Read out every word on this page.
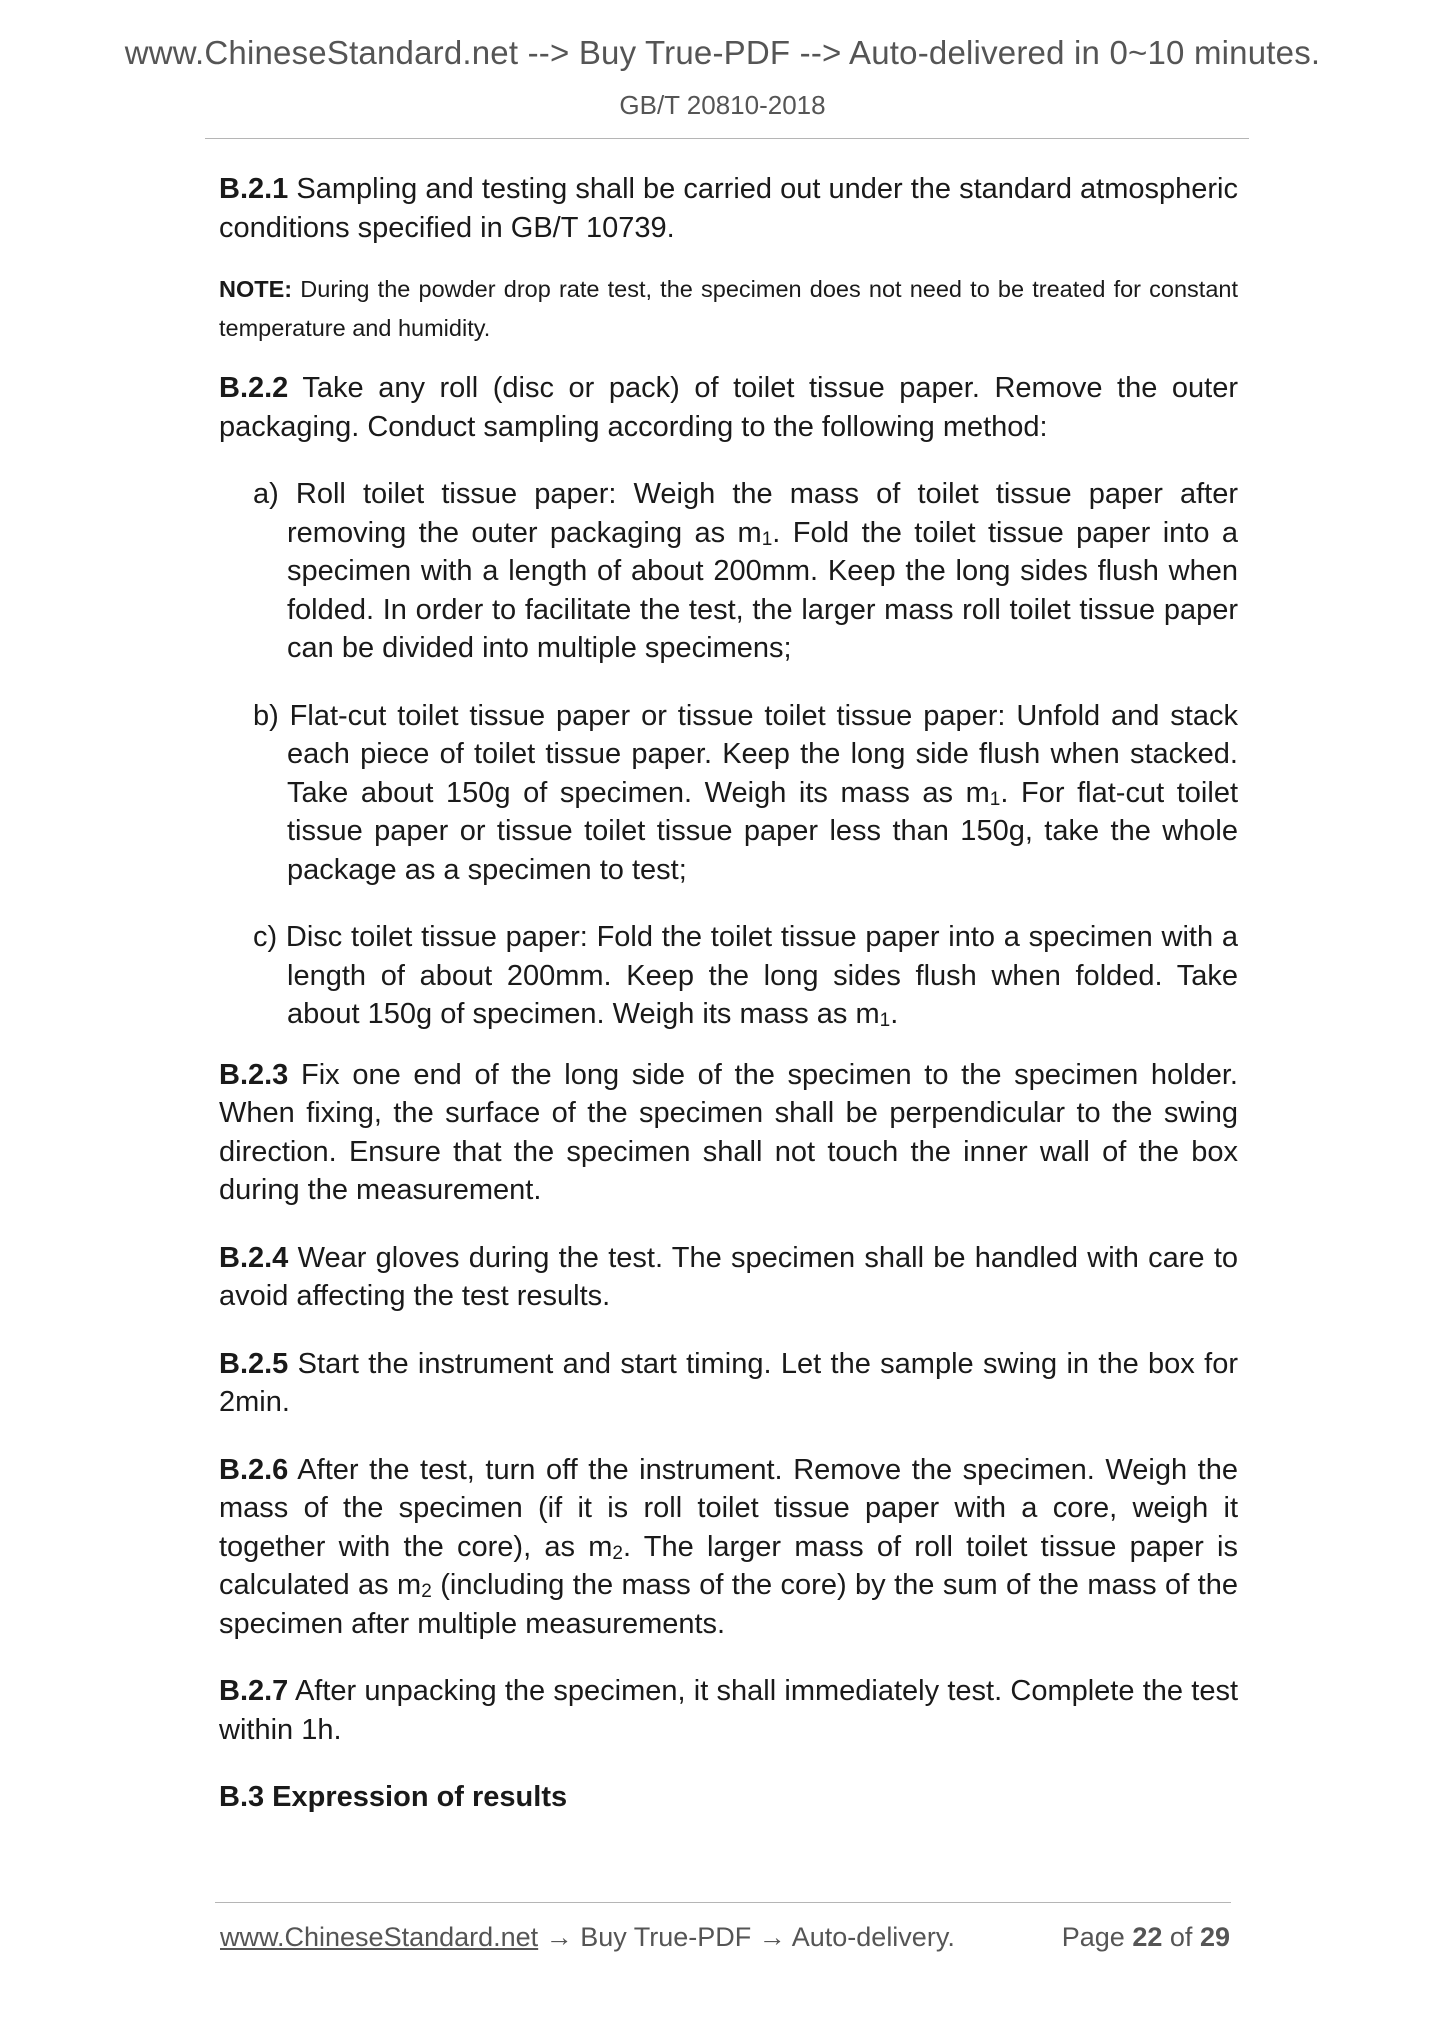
www.ChineseStandard.net --> Buy True-PDF --> Auto-delivered in 0~10 minutes.
GB/T 20810-2018

B.2.1 Sampling and testing shall be carried out under the standard atmospheric conditions specified in GB/T 10739.

NOTE: During the powder drop rate test, the specimen does not need to be treated for constant temperature and humidity.

B.2.2 Take any roll (disc or pack) of toilet tissue paper. Remove the outer packaging. Conduct sampling according to the following method:

a) Roll toilet tissue paper: Weigh the mass of toilet tissue paper after removing the outer packaging as $m_1$. Fold the toilet tissue paper into a specimen with a length of about 200mm. Keep the long sides flush when folded. In order to facilitate the test, the larger mass roll toilet tissue paper can be divided into multiple specimens;

b) Flat-cut toilet tissue paper or tissue toilet tissue paper: Unfold and stack each piece of toilet tissue paper. Keep the long side flush when stacked. Take about 150g of specimen. Weigh its mass as $m_1$. For flat-cut toilet tissue paper or tissue toilet tissue paper less than 150g, take the whole package as a specimen to test;

c) Disc toilet tissue paper: Fold the toilet tissue paper into a specimen with a length of about 200mm. Keep the long sides flush when folded. Take about 150g of specimen. Weigh its mass as $m_1$.

B.2.3 Fix one end of the long side of the specimen to the specimen holder. When fixing, the surface of the specimen shall be perpendicular to the swing direction. Ensure that the specimen shall not touch the inner wall of the box during the measurement.

B.2.4 Wear gloves during the test. The specimen shall be handled with care to avoid affecting the test results.

B.2.5 Start the instrument and start timing. Let the sample swing in the box for 2min.

B.2.6 After the test, turn off the instrument. Remove the specimen. Weigh the mass of the specimen (if it is roll toilet tissue paper with a core, weigh it together with the core), as $m_2$. The larger mass of roll toilet tissue paper is calculated as $m_2$ (including the mass of the core) by the sum of the mass of the specimen after multiple measurements.

B.2.7 After unpacking the specimen, it shall immediately test. Complete the test within 1h.

B.3 Expression of results

www.ChineseStandard.net → Buy True-PDF → Auto-delivery.	Page 22 of 29
